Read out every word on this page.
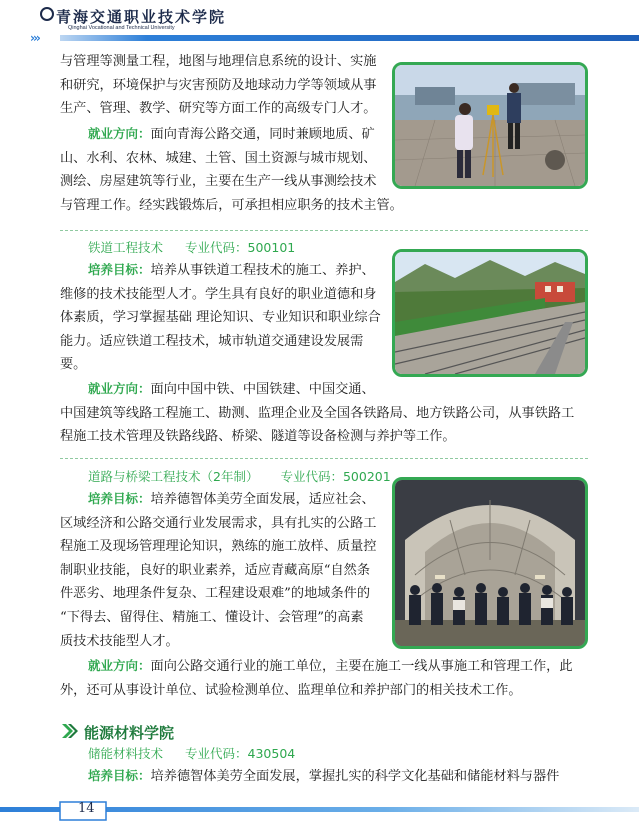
青海交通职业技术学院
Qinghai Vocational and Technical University
›››
与管理等测量工程，地图与地理信息系统的设计、实施
和研究，环境保护与灾害预防及地球动力学等领域从事
生产、管理、教学、研究等方面工作的高级专门人才。
就业方向：面向青海公路交通，同时兼顾地质、矿
山、水利、农林、城建、土管、国土资源与城市规划、
测绘、房屋建筑等行业，主要在生产一线从事测绘技术
与管理工作。经实践锻炼后，可承担相应职务的技术主管。
铁道工程技术 专业代码：500101
培养目标：培养从事铁道工程技术的施工、养护、
维修的技术技能型人才。学生具有良好的职业道德和身
体素质，学习掌握基础 理论知识、专业知识和职业综合
能力。适应铁道工程技术，城市轨道交通建设发展需
要。
就业方向：面向中国中铁、中国铁建、中国交通、
中国建筑等线路工程施工、勘测、监理企业及全国各铁路局、地方铁路公司，从事铁路工
程施工技术管理及铁路线路、桥梁、隧道等设备检测与养护等工作。
道路与桥梁工程技术（2年制） 专业代码：500201
培养目标：培养德智体美劳全面发展，适应社会、
区域经济和公路交通行业发展需求，具有扎实的公路工
程施工及现场管理理论知识，熟练的施工放样、质量控
制职业技能，良好的职业素养，适应青藏高原“自然条
件恶劣、地理条件复杂、工程建设艰难”的地域条件的
“下得去、留得住、精施工、懂设计、会管理”的高素
质技术技能型人才。
就业方向：面向公路交通行业的施工单位，主要在施工一线从事施工和管理工作，此
外，还可从事设计单位、试验检测单位、监理单位和养护部门的相关技术工作。
能源材料学院
储能材料技术 专业代码：430504
培养目标：培养德智体美劳全面发展，掌握扎实的科学文化基础和储能材料与器件
14
